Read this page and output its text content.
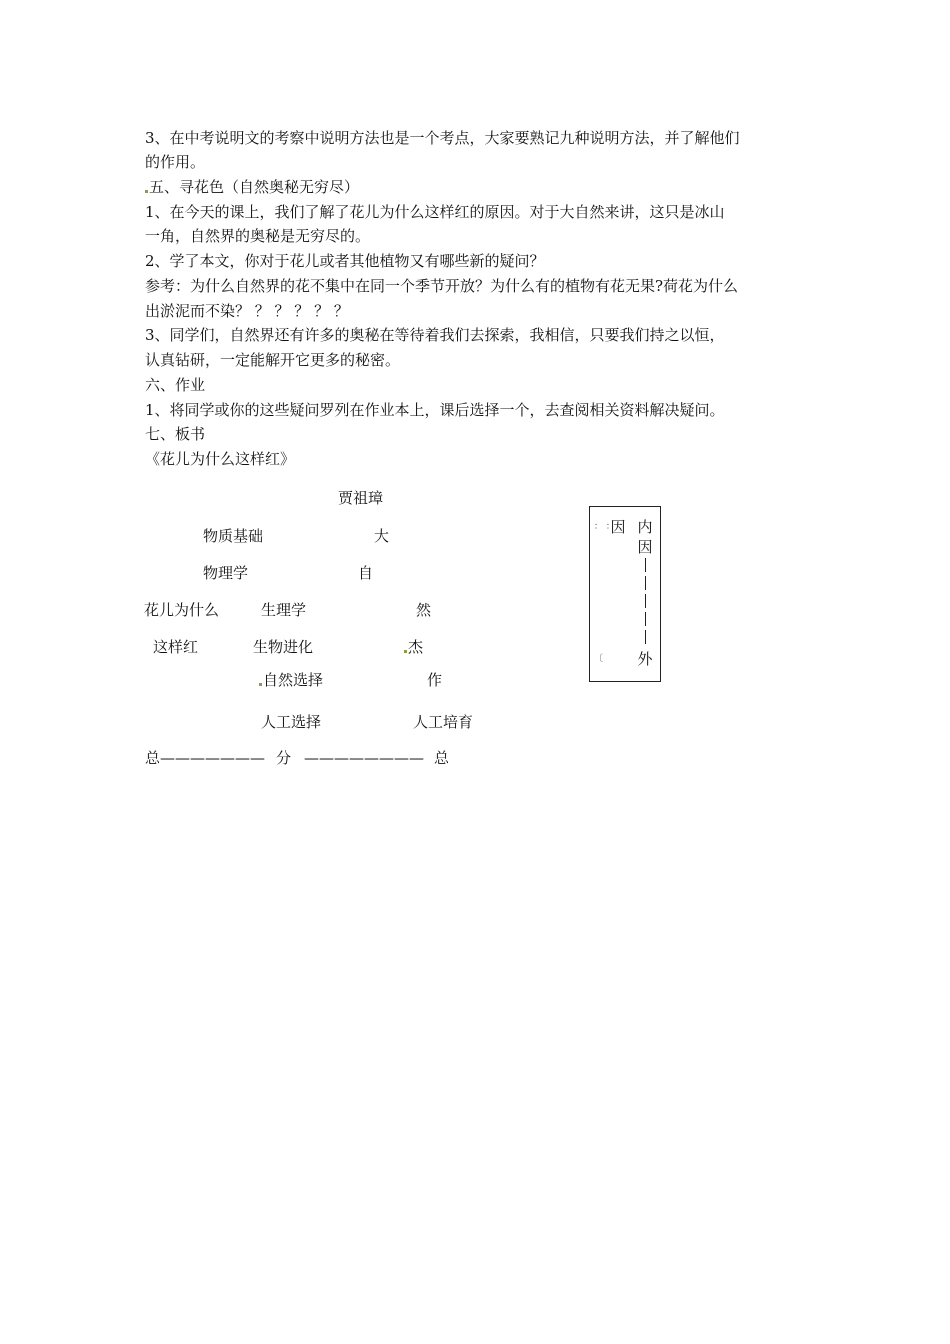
3、在中考说明文的考察中说明方法也是一个考点，大家要熟记九种说明方法，并了解他们
的作用。
五、寻花色（自然奥秘无穷尽）
1、在今天的课上，我们了解了花儿为什么这样红的原因。对于大自然来讲，这只是冰山
一角，自然界的奥秘是无穷尽的。
2、学了本文，你对于花儿或者其他植物又有哪些新的疑问？
参考：为什么自然界的花不集中在同一个季节开放？为什么有的植物有花无果?荷花为什么
出淤泥而不染？ ？ ？ ？ ？ ？
3、同学们，自然界还有许多的奥秘在等待着我们去探索，我相信，只要我们持之以恒，
认真钻研，一定能解开它更多的秘密。
六、作业
1、将同学或你的这些疑问罗列在作业本上，课后选择一个，去查阅相关资料解决疑问。
七、板书
《花儿为什么这样红》
贾祖璋
物质基础
物理学
生理学
生物进化
自然选择
人工选择
花儿为什么
这样红
大
自
然
杰
作
人工培育
总——————— 分 ———————— 总
因 内
因
外
： ：
〔
